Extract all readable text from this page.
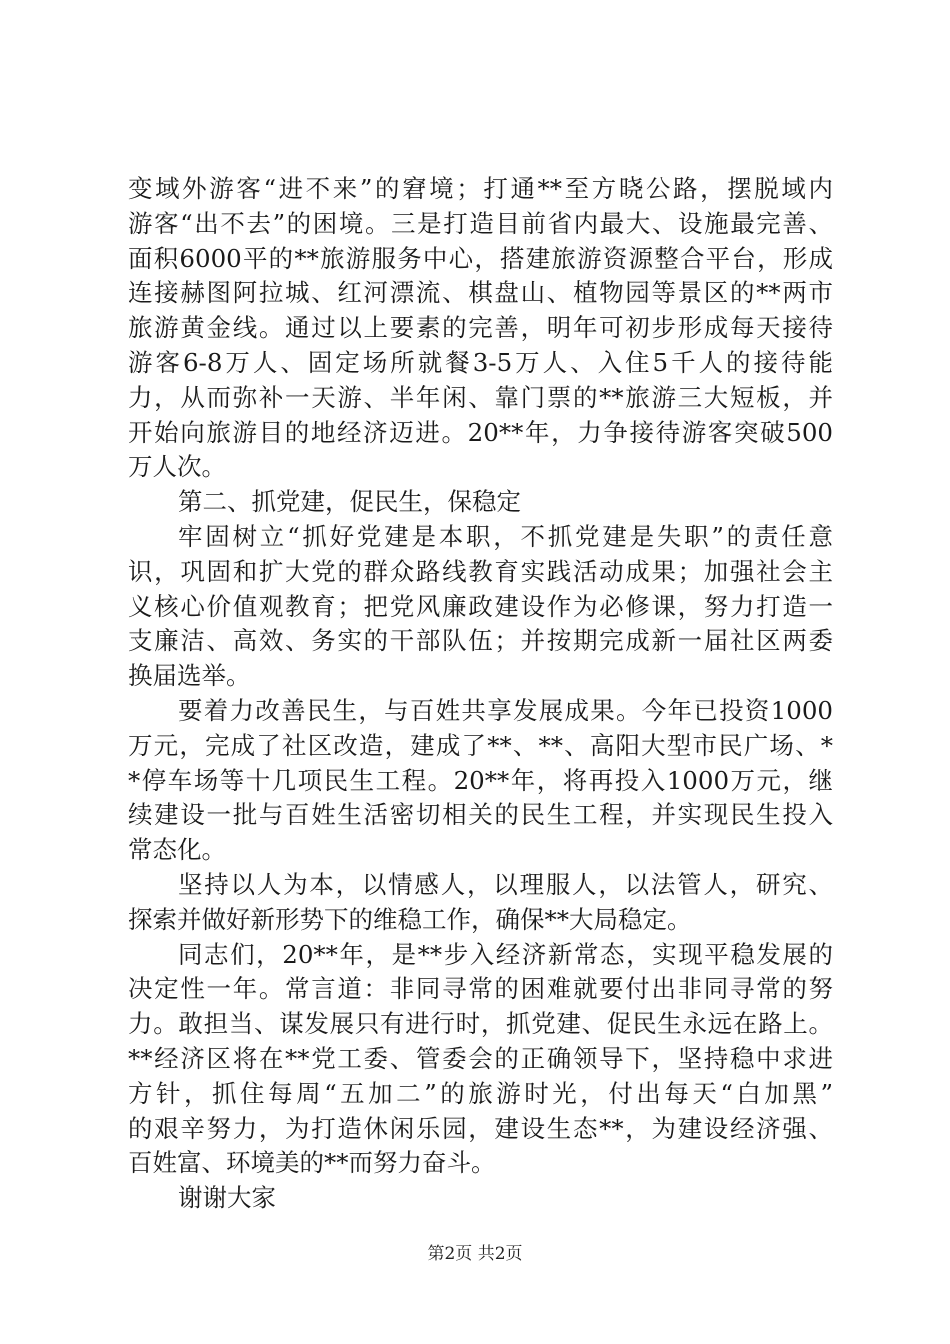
变域外游客“进不来”的窘境；打通**至方晓公路，摆脱域内
游客“出不去”的困境。三是打造目前省内最大、设施最完善、
面积6000平的**旅游服务中心，搭建旅游资源整合平台，形成
连接赫图阿拉城、红河漂流、棋盘山、植物园等景区的**两市
旅游黄金线。通过以上要素的完善，明年可初步形成每天接待
游客6-8万人、固定场所就餐3-5万人、入住5千人的接待能
力，从而弥补一天游、半年闲、靠门票的**旅游三大短板，并
开始向旅游目的地经济迈进。20**年，力争接待游客突破500
万人次。
第二、抓党建，促民生，保稳定
牢固树立“抓好党建是本职，不抓党建是失职”的责任意
识，巩固和扩大党的群众路线教育实践活动成果；加强社会主
义核心价值观教育；把党风廉政建设作为必修课，努力打造一
支廉洁、高效、务实的干部队伍；并按期完成新一届社区两委
换届选举。
要着力改善民生，与百姓共享发展成果。今年已投资1000
万元，完成了社区改造，建成了**、**、高阳大型市民广场、*
*停车场等十几项民生工程。20**年，将再投入1000万元，继
续建设一批与百姓生活密切相关的民生工程，并实现民生投入
常态化。
坚持以人为本，以情感人，以理服人，以法管人，研究、
探索并做好新形势下的维稳工作，确保**大局稳定。
同志们，20**年，是**步入经济新常态，实现平稳发展的
决定性一年。常言道：非同寻常的困难就要付出非同寻常的努
力。敢担当、谋发展只有进行时，抓党建、促民生永远在路上。
**经济区将在**党工委、管委会的正确领导下，坚持稳中求进
方针，抓住每周“五加二”的旅游时光，付出每天“白加黑”
的艰辛努力，为打造休闲乐园，建设生态**，为建设经济强、
百姓富、环境美的**而努力奋斗。
谢谢大家
第2页 共2页
